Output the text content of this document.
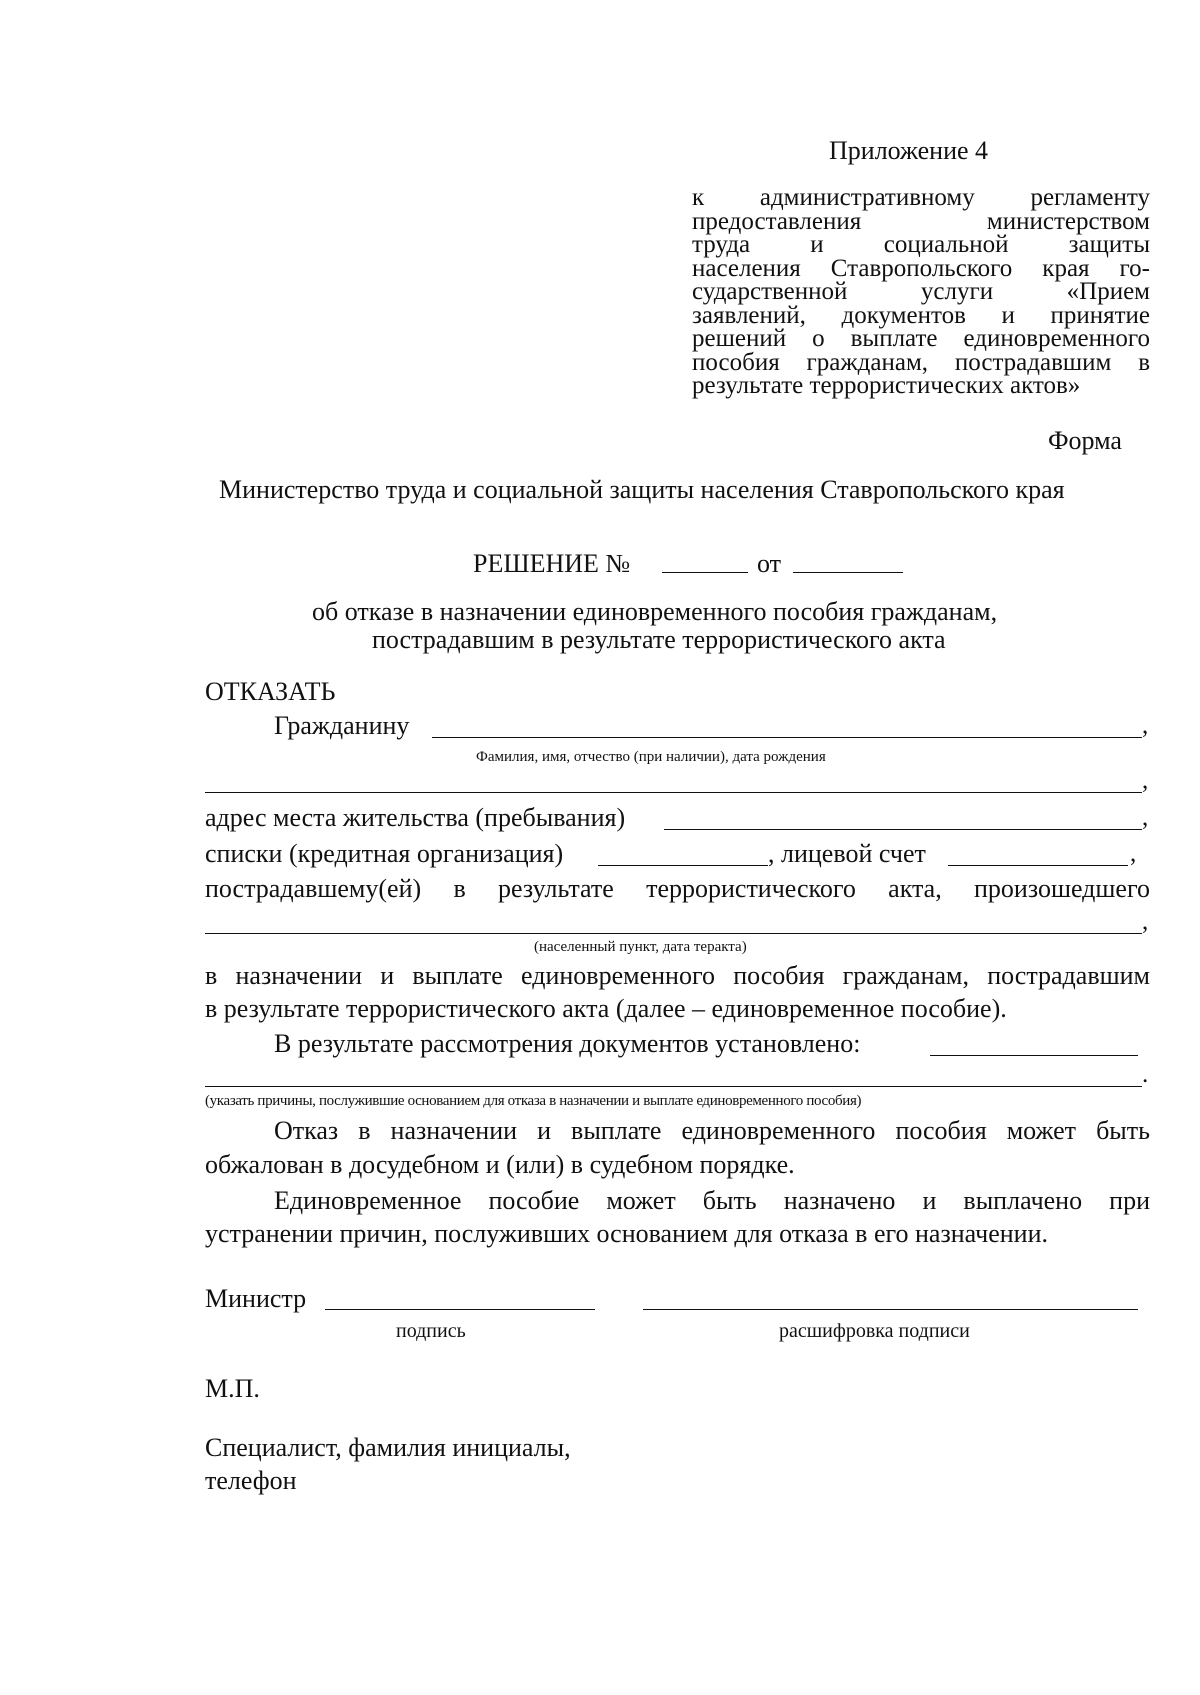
Приложение 4
к административному регламенту
предоставления министерством
труда и социальной защиты
населения Ставропольского края го-
сударственной услуги «Прием
заявлений, документов и принятие
решений о выплате единовременного
пособия гражданам, пострадавшим в
результате террористических актов»
Форма
Министерство труда и социальной защиты населения Ставропольского края
РЕШЕНИЕ №	от
об отказе в назначении единовременного пособия гражданам,
пострадавшим в результате террористического акта
ОТКАЗАТЬ
Гражданину	,
Фамилия, имя, отчество (при наличии), дата рождения
,
адрес места жительства (пребывания)	,
списки (кредитная организация)	, лицевой счет	,
пострадавшему(ей) в результате террористического акта, произошедшего
,
(населенный пункт, дата теракта)
в назначении и выплате единовременного пособия гражданам, пострадавшим
в результате террористического акта (далее – единовременное пособие).
В результате рассмотрения документов установлено:
.
(указать причины, послужившие основанием для отказа в назначении и выплате единовременного пособия)
Отказ в назначении и выплате единовременного пособия может быть
обжалован в досудебном и (или) в судебном порядке.
Единовременное пособие может быть назначено и выплачено при
устранении причин, послуживших основанием для отказа в его назначении.
Министр
подпись	расшифровка подписи
М.П.
Специалист, фамилия инициалы,
телефон
